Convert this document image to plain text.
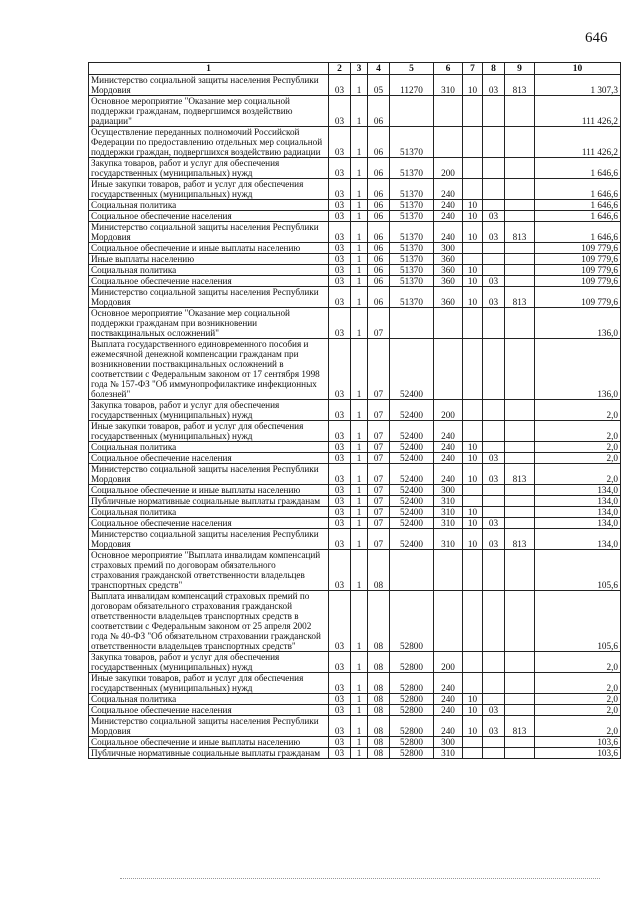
646
1	2	3	4	5	6	7	8	9	10
Министерство социальной защиты населения Республики Мордовия	03	1	05	11270	310	10	03	813	1 307,3
Основное мероприятие "Оказание мер социальной поддержки гражданам, подвергшимся воздействию радиации"	03	1	06						111 426,2
Осуществление переданных полномочий Российской Федерации по предоставлению отдельных мер социальной поддержки граждан, подвергшихся воздействию радиации	03	1	06	51370					111 426,2
Закупка товаров, работ и услуг для обеспечения государственных (муниципальных) нужд	03	1	06	51370	200				1 646,6
Иные закупки товаров, работ и услуг для обеспечения государственных (муниципальных) нужд	03	1	06	51370	240				1 646,6
Социальная политика	03	1	06	51370	240	10			1 646,6
Социальное обеспечение населения	03	1	06	51370	240	10	03		1 646,6
Министерство социальной защиты населения Республики Мордовия	03	1	06	51370	240	10	03	813	1 646,6
Социальное обеспечение и иные выплаты населению	03	1	06	51370	300				109 779,6
Иные выплаты населению	03	1	06	51370	360				109 779,6
Социальная политика	03	1	06	51370	360	10			109 779,6
Социальное обеспечение населения	03	1	06	51370	360	10	03		109 779,6
Министерство социальной защиты населения Республики Мордовия	03	1	06	51370	360	10	03	813	109 779,6
Основное мероприятие "Оказание мер социальной поддержки гражданам при возникновении поствакцинальных осложнений"	03	1	07						136,0
Выплата государственного единовременного пособия и ежемесячной денежной компенсации гражданам при возникновении поствакцинальных осложнений в соответствии с Федеральным законом от 17 сентября 1998 года № 157-ФЗ "Об иммунопрофилактике инфекционных болезней"	03	1	07	52400					136,0
Закупка товаров, работ и услуг для обеспечения государственных (муниципальных) нужд	03	1	07	52400	200				2,0
Иные закупки товаров, работ и услуг для обеспечения государственных (муниципальных) нужд	03	1	07	52400	240				2,0
Социальная политика	03	1	07	52400	240	10			2,0
Социальное обеспечение населения	03	1	07	52400	240	10	03		2,0
Министерство социальной защиты населения Республики Мордовия	03	1	07	52400	240	10	03	813	2,0
Социальное обеспечение и иные выплаты населению	03	1	07	52400	300				134,0
Публичные нормативные социальные выплаты гражданам	03	1	07	52400	310				134,0
Социальная политика	03	1	07	52400	310	10			134,0
Социальное обеспечение населения	03	1	07	52400	310	10	03		134,0
Министерство социальной защиты населения Республики Мордовия	03	1	07	52400	310	10	03	813	134,0
Основное мероприятие "Выплата инвалидам компенсаций страховых премий по договорам обязательного страхования гражданской ответственности владельцев транспортных средств"	03	1	08						105,6
Выплата инвалидам компенсаций страховых премий по договорам обязательного страхования гражданской ответственности владельцев транспортных средств в соответствии с Федеральным законом от 25 апреля 2002 года № 40-ФЗ "Об обязательном страховании гражданской ответственности владельцев транспортных средств"	03	1	08	52800					105,6
Закупка товаров, работ и услуг для обеспечения государственных (муниципальных) нужд	03	1	08	52800	200				2,0
Иные закупки товаров, работ и услуг для обеспечения государственных (муниципальных) нужд	03	1	08	52800	240				2,0
Социальная политика	03	1	08	52800	240	10			2,0
Социальное обеспечение населения	03	1	08	52800	240	10	03		2,0
Министерство социальной защиты населения Республики Мордовия	03	1	08	52800	240	10	03	813	2,0
Социальное обеспечение и иные выплаты населению	03	1	08	52800	300				103,6
Публичные нормативные социальные выплаты гражданам	03	1	08	52800	310				103,6
